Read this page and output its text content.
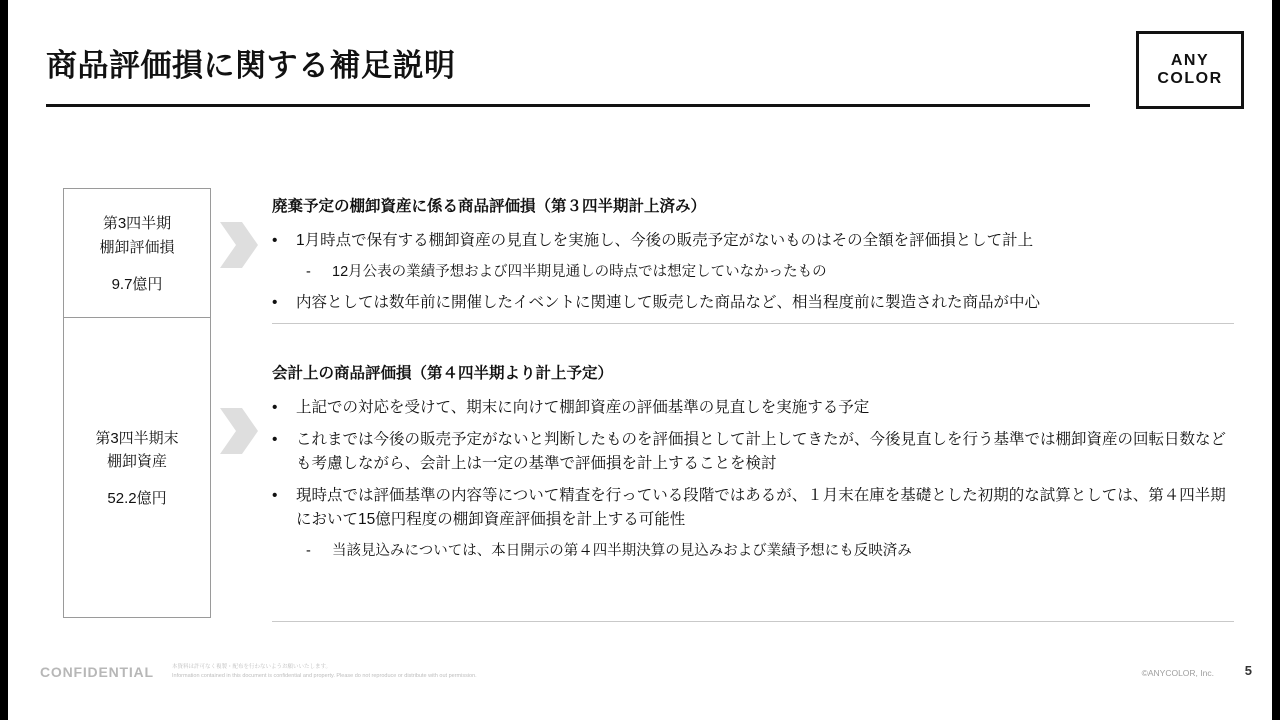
商品評価損に関する補足説明	ANY
COLOR
第3四半期
棚卸評価損
9.7億円
第3四半期末
棚卸資産
52.2億円
廃棄予定の棚卸資産に係る商品評価損（第３四半期計上済み）
•	1月時点で保有する棚卸資産の見直しを実施し、今後の販売予定がないものはその全額を評価損として計上
-	12月公表の業績予想および四半期見通しの時点では想定していなかったもの
•	内容としては数年前に開催したイベントに関連して販売した商品など、相当程度前に製造された商品が中心
会計上の商品評価損（第４四半期より計上予定）
•	上記での対応を受けて、期末に向けて棚卸資産の評価基準の見直しを実施する予定
•	これまでは今後の販売予定がないと判断したものを評価損として計上してきたが、今後見直しを行う基準では棚卸資産の回転日数なども考慮しながら、会計上は一定の基準で評価損を計上することを検討
•	現時点では評価基準の内容等について精査を行っている段階ではあるが、１月末在庫を基礎とした初期的な試算としては、第４四半期において15億円程度の棚卸資産評価損を計上する可能性
-	当該見込みについては、本日開示の第４四半期決算の見込みおよび業績予想にも反映済み
CONFIDENTIAL	本資料は許可なく複製・配布を行わないようお願いいたします。
Information contained in this document is confidential and property. Please do not reproduce or distribute with out permission.	©ANYCOLOR, Inc. 5
